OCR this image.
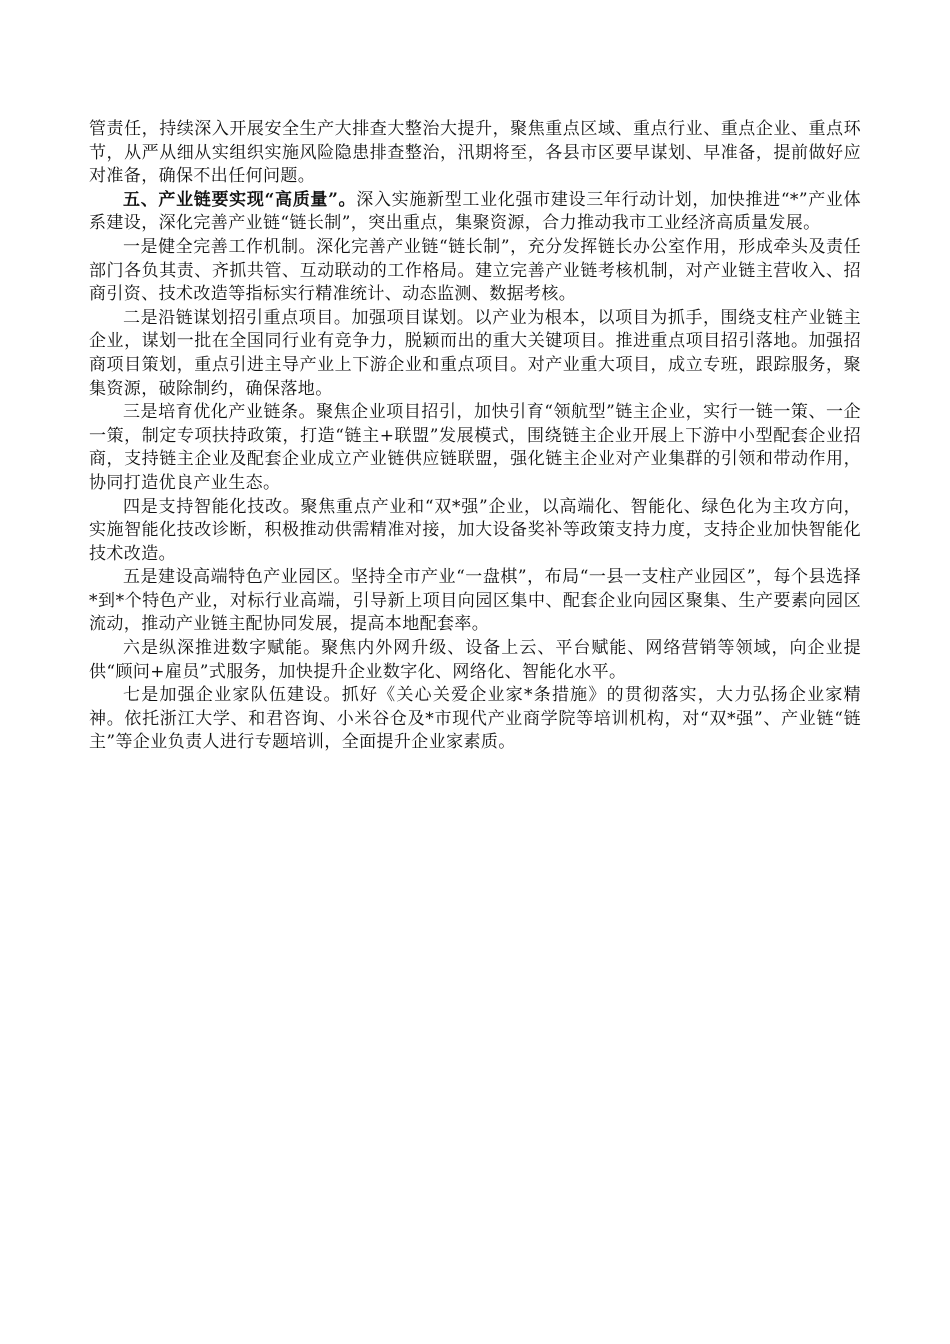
管责任，持续深入开展安全生产大排查大整治大提升，聚焦重点区域、重点行业、重点企业、重点环节，从严从细从实组织实施风险隐患排查整治，汛期将至，各县市区要早谋划、早准备，提前做好应对准备，确保不出任何问题。

五、产业链要实现“高质量”。深入实施新型工业化强市建设三年行动计划，加快推进“*”产业体系建设，深化完善产业链“链长制”，突出重点，集聚资源，合力推动我市工业经济高质量发展。

一是健全完善工作机制。深化完善产业链“链长制”，充分发挥链长办公室作用，形成牵头及责任部门各负其责、齐抓共管、互动联动的工作格局。建立完善产业链考核机制，对产业链主营收入、招商引资、技术改造等指标实行精准统计、动态监测、数据考核。

二是沿链谋划招引重点项目。加强项目谋划。以产业为根本，以项目为抓手，围绕支柱产业链主企业，谋划一批在全国同行业有竞争力，脱颖而出的重大关键项目。推进重点项目招引落地。加强招商项目策划，重点引进主导产业上下游企业和重点项目。对产业重大项目，成立专班，跟踪服务，聚集资源，破除制约，确保落地。

三是培育优化产业链条。聚焦企业项目招引，加快引育“领航型”链主企业，实行一链一策、一企一策，制定专项扶持政策，打造“链主+联盟”发展模式，围绕链主企业开展上下游中小型配套企业招商，支持链主企业及配套企业成立产业链供应链联盟，强化链主企业对产业集群的引领和带动作用，协同打造优良产业生态。

四是支持智能化技改。聚焦重点产业和“双*强”企业，以高端化、智能化、绿色化为主攻方向，实施智能化技改诊断，积极推动供需精准对接，加大设备奖补等政策支持力度，支持企业加快智能化技术改造。

五是建设高端特色产业园区。坚持全市产业“一盘棋”，布局“一县一支柱产业园区”，每个县选择*到*个特色产业，对标行业高端，引导新上项目向园区集中、配套企业向园区聚集、生产要素向园区流动，推动产业链主配协同发展，提高本地配套率。

六是纵深推进数字赋能。聚焦内外网升级、设备上云、平台赋能、网络营销等领域，向企业提供“顾问+雇员”式服务，加快提升企业数字化、网络化、智能化水平。

七是加强企业家队伍建设。抓好《关心关爱企业家*条措施》的贯彻落实，大力弘扬企业家精神。依托浙江大学、和君咨询、小米谷仓及*市现代产业商学院等培训机构，对“双*强”、产业链“链主”等企业负责人进行专题培训，全面提升企业家素质。
